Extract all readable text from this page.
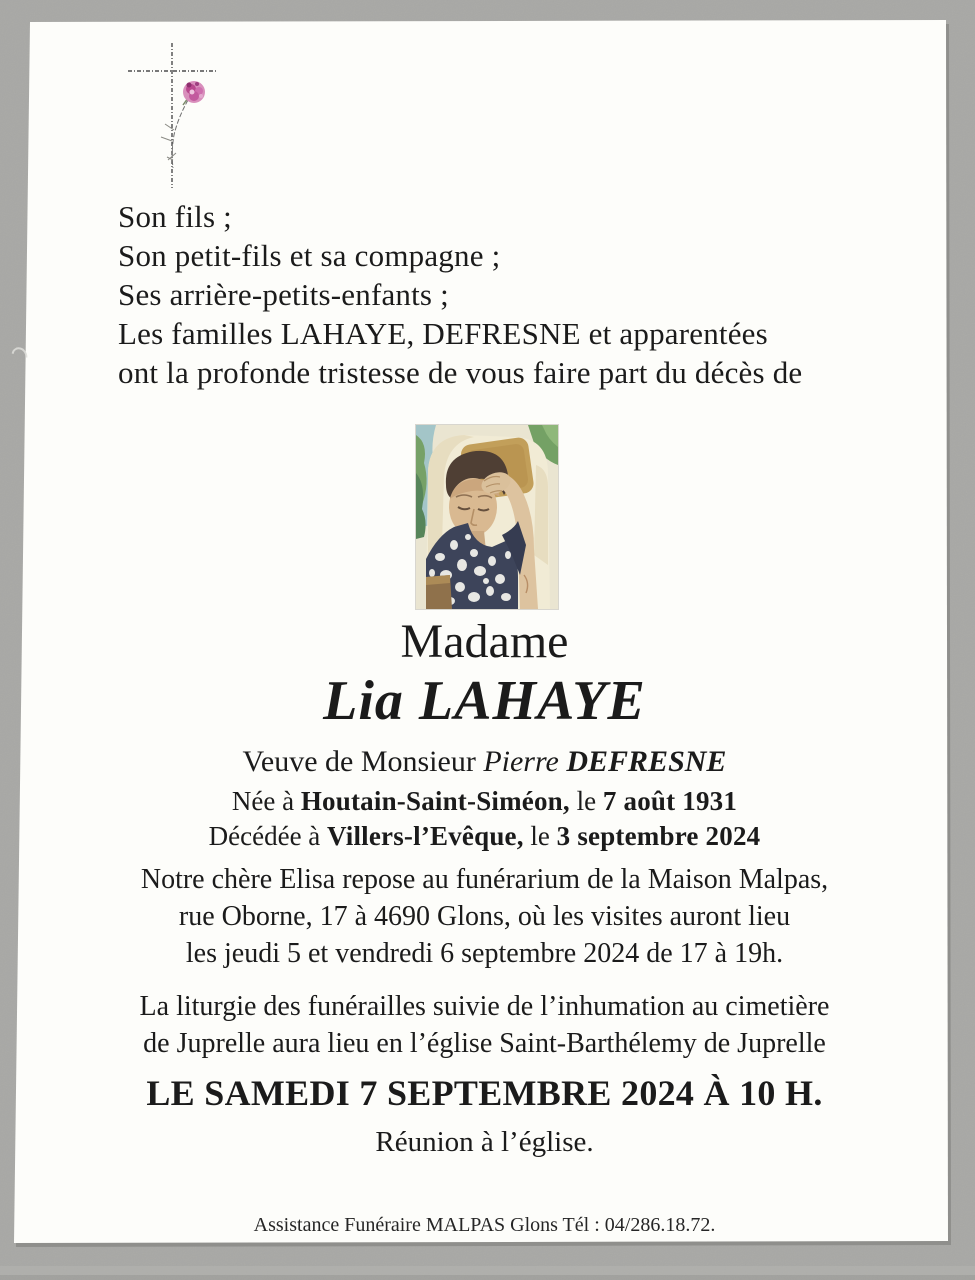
Son fils ;
Son petit-fils et sa compagne ;
Ses arrière-petits-enfants ;
Les familles LAHAYE, DEFRESNE et apparentées
ont la profonde tristesse de vous faire part du décès de
Madame
Lia LAHAYE
Veuve de Monsieur Pierre DEFRESNE
Née à Houtain-Saint-Siméon, le 7 août 1931
Décédée à Villers-l’Evêque, le 3 septembre 2024
Notre chère Elisa repose au funérarium de la Maison Malpas,
rue Oborne, 17 à 4690 Glons, où les visites auront lieu
les jeudi 5 et vendredi 6 septembre 2024 de 17 à 19h.
La liturgie des funérailles suivie de l’inhumation au cimetière
de Juprelle aura lieu en l’église Saint-Barthélemy de Juprelle
LE SAMEDI 7 SEPTEMBRE 2024 À 10 H.
Réunion à l’église.
Assistance Funéraire MALPAS Glons Tél : 04/286.18.72.
